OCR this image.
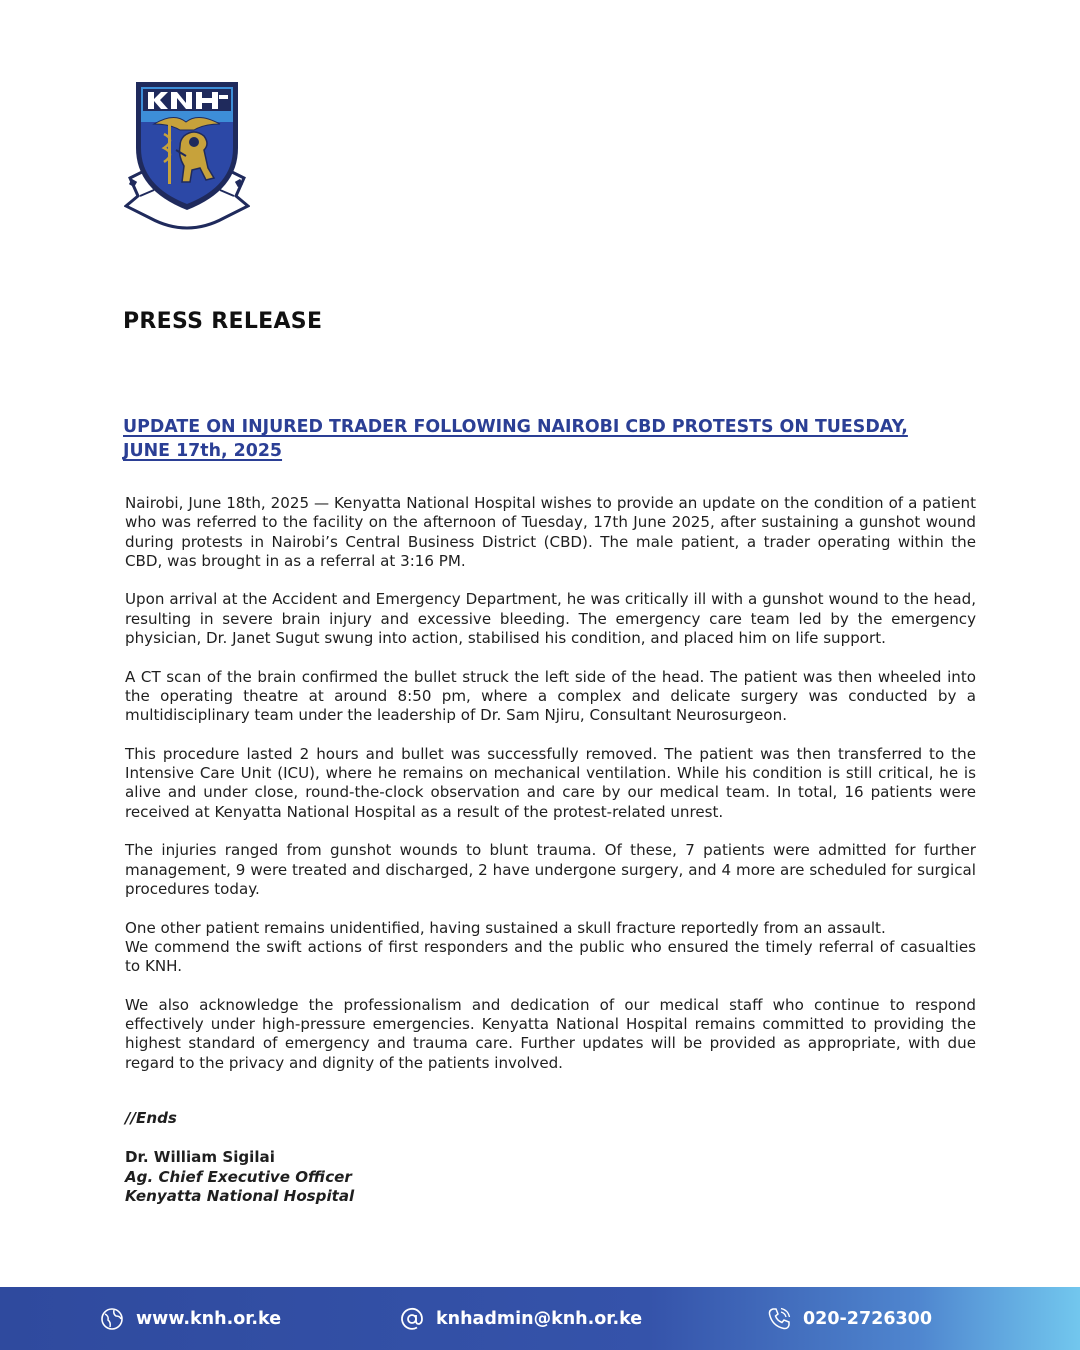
PRESS RELEASE
UPDATE ON INJURED TRADER FOLLOWING NAIROBI CBD PROTESTS ON TUESDAY,
JUNE 17th, 2025

Nairobi, June 18th, 2025 — Kenyatta National Hospital wishes to provide an update on the condition of a patient who was referred to the facility on the afternoon of Tuesday, 17th June 2025, after sustaining a gunshot wound during protests in Nairobi’s Central Business District (CBD). The male patient, a trader operating within the CBD, was brought in as a referral at 3:16 PM.

Upon arrival at the Accident and Emergency Department, he was critically ill with a gunshot wound to the head, resulting in severe brain injury and excessive bleeding. The emergency care team led by the emergency physician, Dr. Janet Sugut swung into action, stabilised his condition, and placed him on life support.

A CT scan of the brain confirmed the bullet struck the left side of the head. The patient was then wheeled into the operating theatre at around 8:50 pm, where a complex and delicate surgery was conducted by a multidisciplinary team under the leadership of Dr. Sam Njiru, Consultant Neurosurgeon.

This procedure lasted 2 hours and bullet was successfully removed. The patient was then transferred to the Intensive Care Unit (ICU), where he remains on mechanical ventilation. While his condition is still critical, he is alive and under close, round-the-clock observation and care by our medical team. In total, 16 patients were received at Kenyatta National Hospital as a result of the protest-related unrest.

The injuries ranged from gunshot wounds to blunt trauma. Of these, 7 patients were admitted for further management, 9 were treated and discharged, 2 have undergone surgery, and 4 more are scheduled for surgical procedures today.

One other patient remains unidentified, having sustained a skull fracture reportedly from an assault.

We commend the swift actions of first responders and the public who ensured the timely referral of casualties to KNH.

We also acknowledge the professionalism and dedication of our medical staff who continue to respond effectively under high-pressure emergencies. Kenyatta National Hospital remains committed to providing the highest standard of emergency and trauma care. Further updates will be provided as appropriate, with due regard to the privacy and dignity of the patients involved.

//Ends
Dr. William Sigilai
Ag. Chief Executive Officer
Kenyatta National Hospital
www.knh.or.ke	knhadmin@knh.or.ke	020-2726300
